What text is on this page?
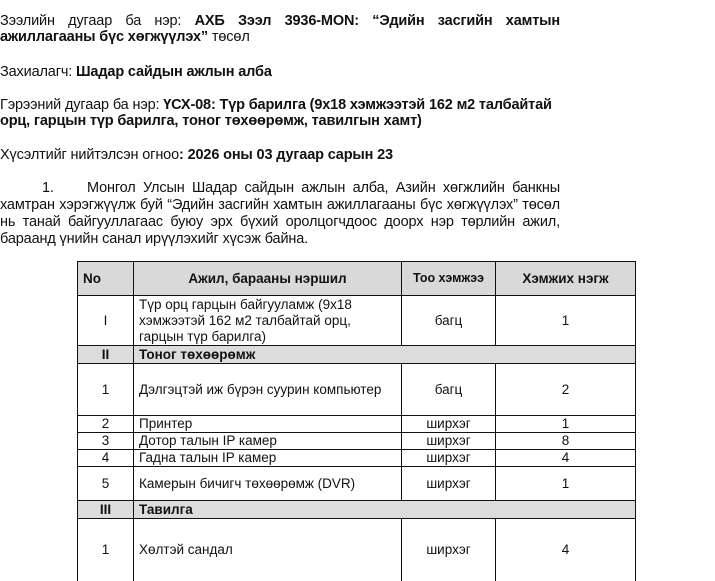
Зээлийн дугаар ба нэр: АХБ Зээл 3936-MON: “Эдийн засгийн хамтын
ажиллагааны бүс хөгжүүлэх” төсөл
Захиалагч: Шадар сайдын ажлын алба
Гэрээний дугаар ба нэр: ҮСХ-08: Түр барилга (9х18 хэмжээтэй 162 м2 талбайтай орц, гарцын түр барилга, тоног төхөөрөмж, тавилгын хамт)
Хүсэлтийг нийтэлсэн огноо: 2026 оны 03 дугаар сарын 23
1. Монгол Улсын Шадар сайдын ажлын алба, Азийн хөгжлийн банкны хамтран хэрэгжүүлж буй “Эдийн засгийн хамтын ажиллагааны бүс хөгжүүлэх” төсөл нь танай байгууллагаас буюу эрх бүхий оролцогчдоос доорх нэр төрлийн ажил, бараанд үнийн санал ирүүлэхийг хүсэж байна.
No	Ажил, барааны нэршил	Тоо хэмжээ	Хэмжих нэгж
I	Түр орц гарцын байгууламж (9х18 хэмжээтэй 162 м2 талбайтай орц, гарцын түр барилга)	багц	1
II	Тоног төхөөрөмж		
1	Дэлгэцтэй иж бүрэн суурин компьютер	багц	2
2	Принтер	ширхэг	1
3	Дотор талын IP камер	ширхэг	8
4	Гадна талын IP камер	ширхэг	4
5	Камерын бичигч төхөөрөмж (DVR)	ширхэг	1
III	Тавилга		
1	Хөлтэй сандал	ширхэг	4
